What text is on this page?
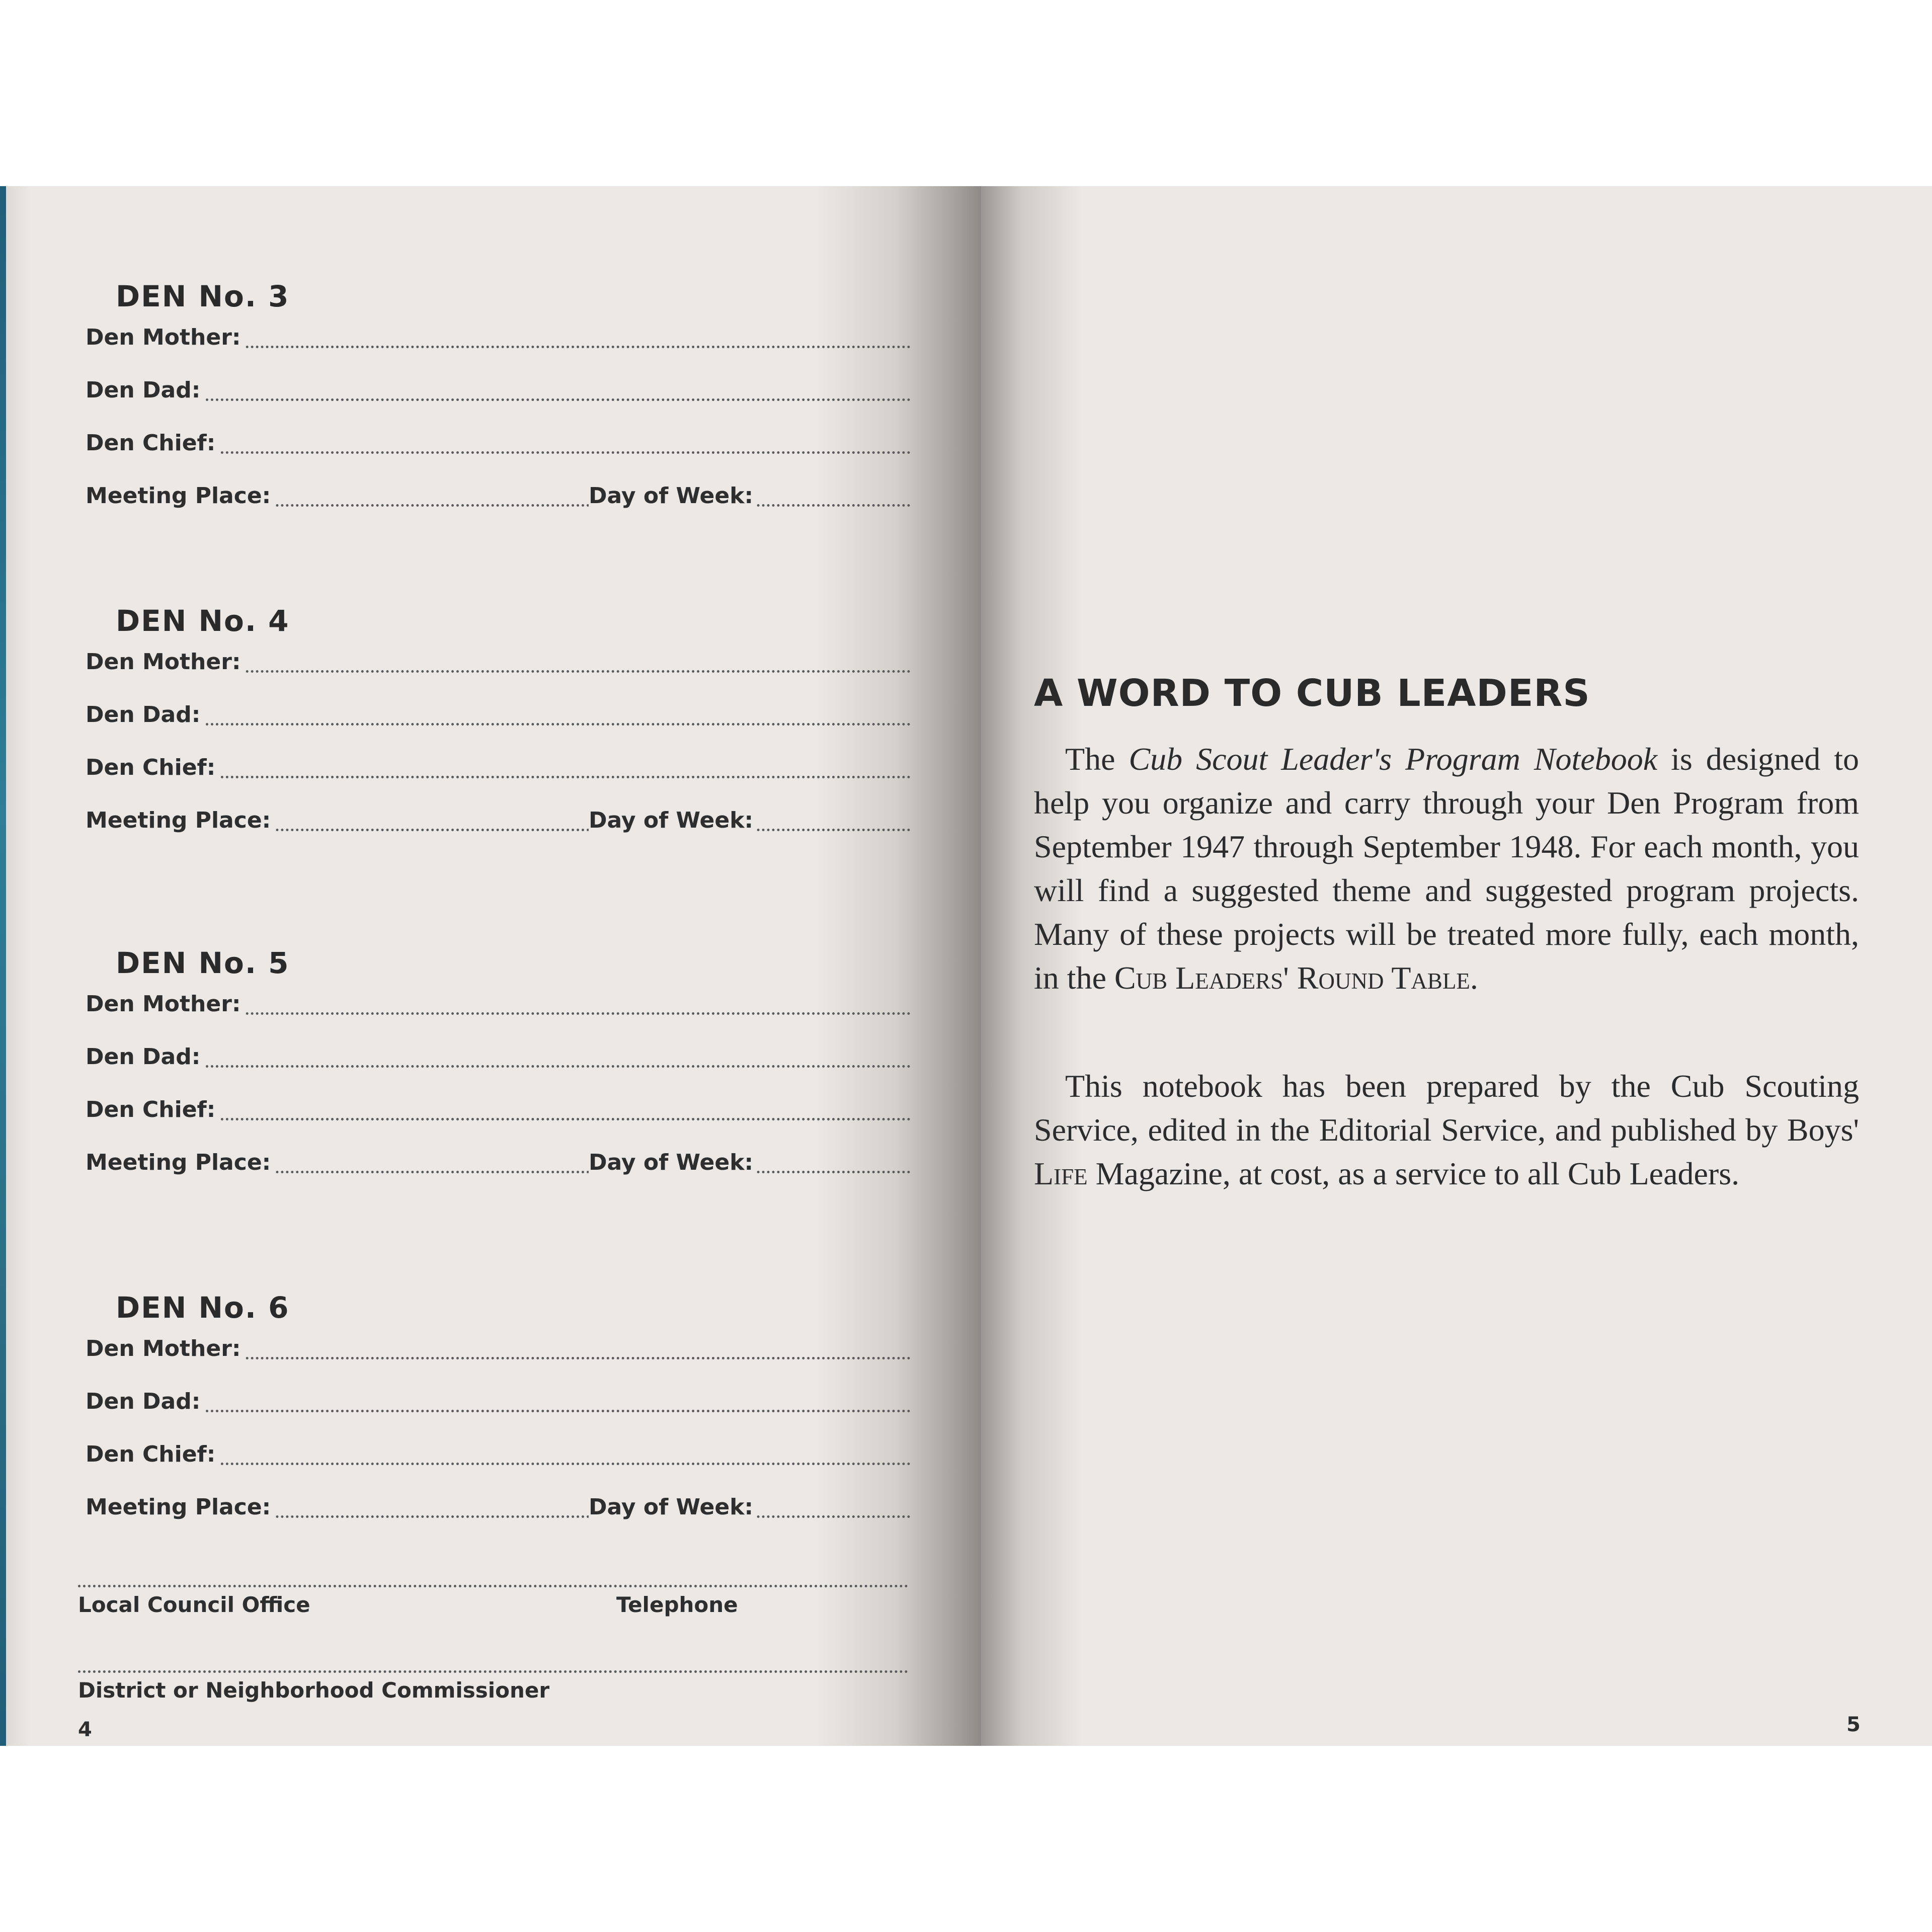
DEN No. 3
Den Mother:
Den Dad:
Den Chief:
Meeting Place:	Day of Week:
DEN No. 4
Den Mother:
Den Dad:
Den Chief:
Meeting Place:	Day of Week:
DEN No. 5
Den Mother:
Den Dad:
Den Chief:
Meeting Place:	Day of Week:
DEN No. 6
Den Mother:
Den Dad:
Den Chief:
Meeting Place:	Day of Week:
Local Council Office	Telephone
District or Neighborhood Commissioner
4
A WORD TO CUB LEADERS
The Cub Scout Leader's Program Notebook is designed to help you organize and carry through your Den Program from September 1947 through September 1948. For each month, you will find a suggested theme and suggested program projects. Many of these projects will be treated more fully, each month, in the Cub Leaders' Round Table.
This notebook has been prepared by the Cub Scouting Service, edited in the Editorial Service, and published by Boys' Life Magazine, at cost, as a service to all Cub Leaders.
5
